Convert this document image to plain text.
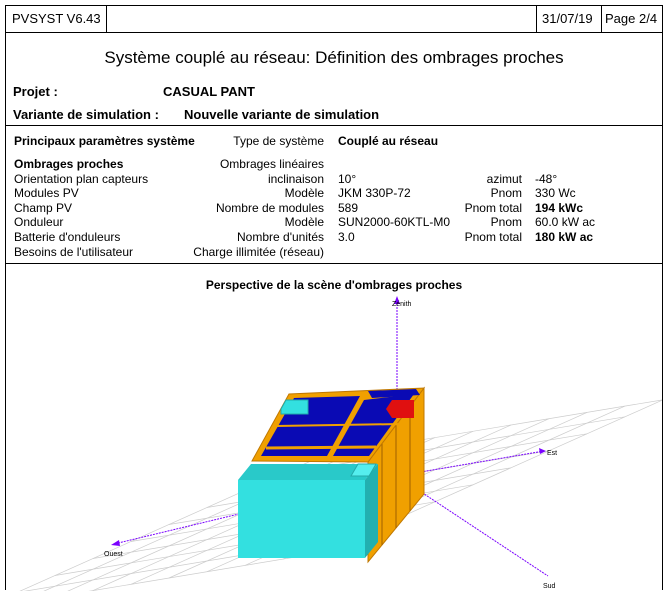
PVSYST V6.43	31/07/19 Page 2/4
Système couplé au réseau: Définition des ombrages proches
Projet :	CASUAL PANT
Variante de simulation : Nouvelle variante de simulation
Principaux paramètres système	Type de système Couplé au réseau
Ombrages proches	Ombrages linéaires
Orientation plan capteurs	inclinaison 10°	azimut -48°
Modules PV	Modèle JKM 330P-72	Pnom 330 Wc
Champ PV	Nombre de modules 589	Pnom total 194 kWc
Onduleur	Modèle SUN2000-60KTL-M0	Pnom 60.0 kW ac
Batterie d'onduleurs	Nombre d'unités 3.0	Pnom total 180 kW ac
Besoins de l'utilisateur	Charge illimitée (réseau)
Perspective de la scène d'ombrages proches
Zénith
Est
Ouest
Sud
